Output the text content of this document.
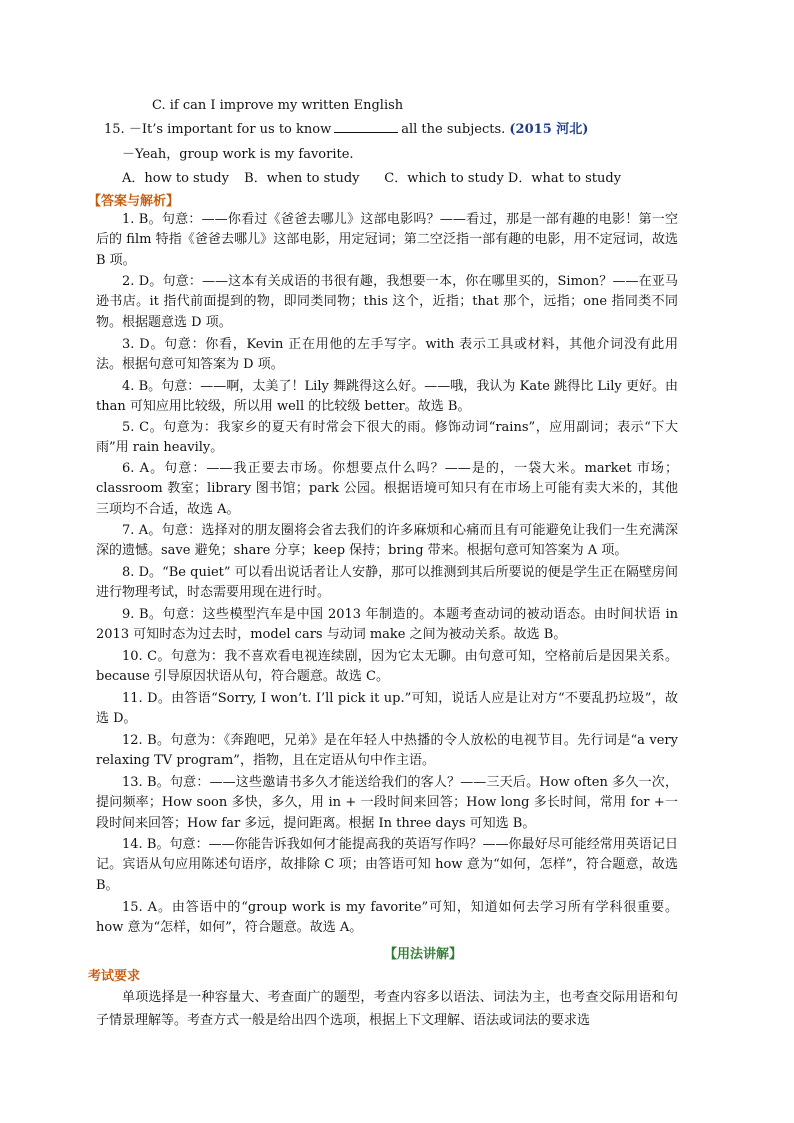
C. if can I improve my written English
15. －It’s important for us to know	all the subjects. (2015 河北)
－Yeah，group work is my favorite.
A．how to study B．when to study C．which to study D．what to study
【答案与解析】
1. B。句意：——你看过《爸爸去哪儿》这部电影吗？——看过，那是一部有趣的电影！第一空后的 film 特指《爸爸去哪儿》这部电影，用定冠词；第二空泛指一部有趣的电影，用不定冠词，故选 B 项。
2. D。句意：——这本有关成语的书很有趣，我想要一本，你在哪里买的，Simon？——在亚马逊书店。it 指代前面提到的物，即同类同物；this 这个，近指；that 那个，远指；one 指同类不同物。根据题意选 D 项。
3. D。句意：你看，Kevin 正在用他的左手写字。with 表示工具或材料，其他介词没有此用法。根据句意可知答案为 D 项。
4. B。句意：——啊，太美了！Lily 舞跳得这么好。——哦，我认为 Kate 跳得比 Lily 更好。由 than 可知应用比较级，所以用 well 的比较级 better。故选 B。
5. C。句意为：我家乡的夏天有时常会下很大的雨。修饰动词“rains”，应用副词；表示“下大雨”用 rain heavily。
6. A。句意：——我正要去市场。你想要点什么吗？——是的，一袋大米。market 市场；classroom 教室；library 图书馆；park 公园。根据语境可知只有在市场上可能有卖大米的，其他三项均不合适，故选 A。
7. A。句意：选择对的朋友圈将会省去我们的许多麻烦和心痛而且有可能避免让我们一生充满深深的遗憾。save 避免；share 分享；keep 保持；bring 带来。根据句意可知答案为 A 项。
8. D。“Be quiet” 可以看出说话者让人安静，那可以推测到其后所要说的便是学生正在隔壁房间进行物理考试，时态需要用现在进行时。
9. B。句意：这些模型汽车是中国 2013 年制造的。本题考查动词的被动语态。由时间状语 in 2013 可知时态为过去时，model cars 与动词 make 之间为被动关系。故选 B。
10. C。句意为：我不喜欢看电视连续剧，因为它太无聊。由句意可知，空格前后是因果关系。because 引导原因状语从句，符合题意。故选 C。
11. D。由答语“Sorry, I won’t. I’ll pick it up.”可知，说话人应是让对方“不要乱扔垃圾”，故选 D。
12. B。句意为：《奔跑吧，兄弟》是在年轻人中热播的令人放松的电视节目。先行词是“a very relaxing TV program”，指物，且在定语从句中作主语。
13. B。句意：——这些邀请书多久才能送给我们的客人？——三天后。How often 多久一次，提问频率；How soon 多快，多久，用 in + 一段时间来回答；How long 多长时间，常用 for +一段时间来回答；How far 多远，提问距离。根据 In three days 可知选 B。
14. B。句意：——你能告诉我如何才能提高我的英语写作吗？——你最好尽可能经常用英语记日记。宾语从句应用陈述句语序，故排除 C 项；由答语可知 how 意为“如何，怎样”，符合题意，故选 B。
15. A。由答语中的“group work is my favorite”可知，知道如何去学习所有学科很重要。how 意为“怎样，如何”，符合题意。故选 A。
【用法讲解】
考试要求
单项选择是一种容量大、考查面广的题型，考查内容多以语法、词法为主，也考查交际用语和句子情景理解等。考查方式一般是给出四个选项，根据上下文理解、语法或词法的要求选
